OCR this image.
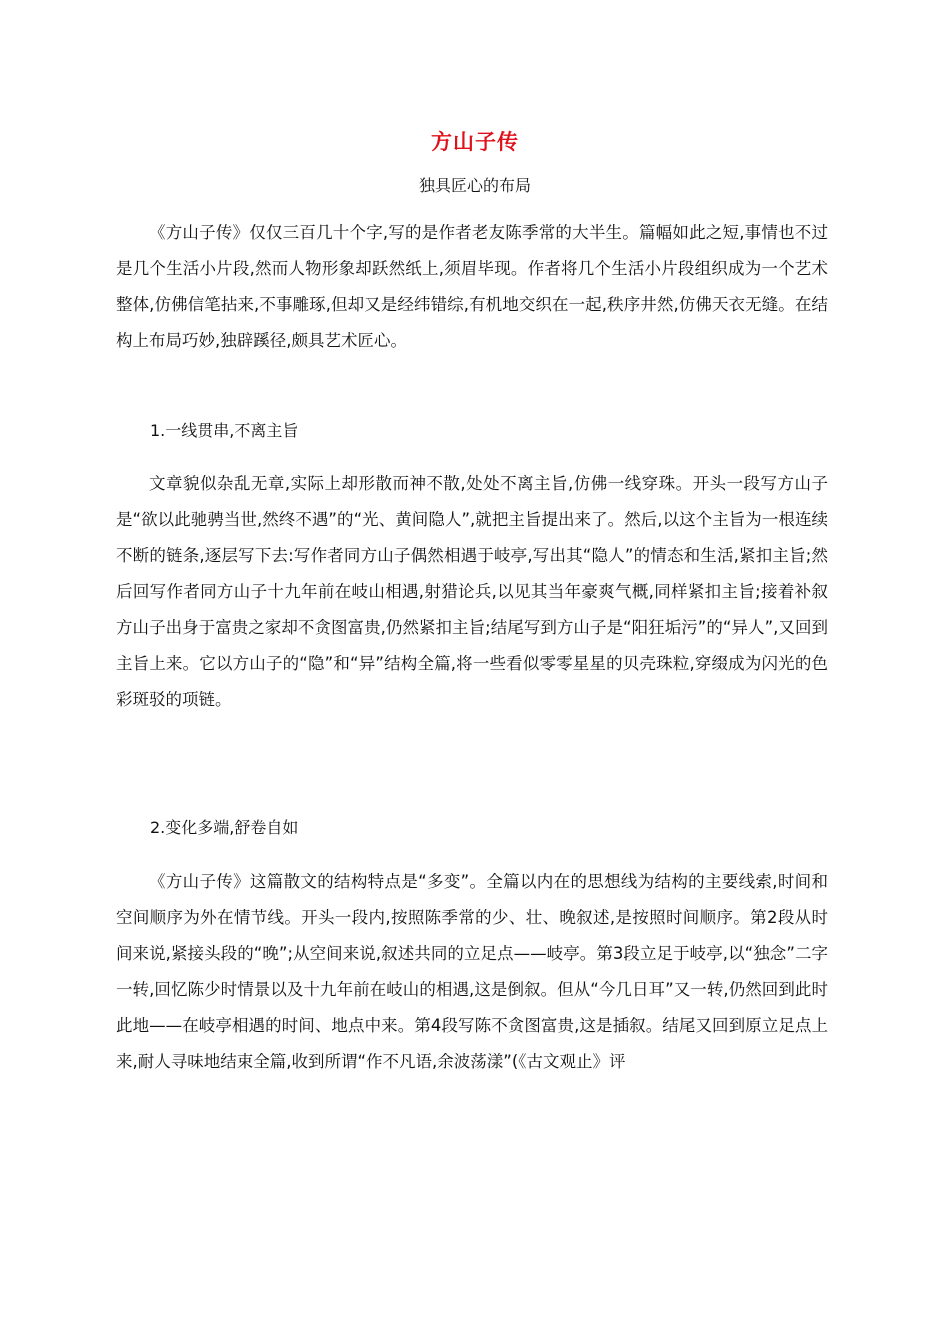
方山子传
独具匠心的布局

《方山子传》仅仅三百几十个字,写的是作者老友陈季常的大半生。篇幅如此之短,事情也不过是几个生活小片段,然而人物形象却跃然纸上,须眉毕现。作者将几个生活小片段组织成为一个艺术整体,仿佛信笔拈来,不事雕琢,但却又是经纬错综,有机地交织在一起,秩序井然,仿佛天衣无缝。在结构上布局巧妙,独辟蹊径,颇具艺术匠心。

1.一线贯串,不离主旨

文章貌似杂乱无章,实际上却形散而神不散,处处不离主旨,仿佛一线穿珠。开头一段写方山子是“欲以此驰骋当世,然终不遇”的“光、黄间隐人”,就把主旨提出来了。然后,以这个主旨为一根连续不断的链条,逐层写下去:写作者同方山子偶然相遇于岐亭,写出其“隐人”的情态和生活,紧扣主旨;然后回写作者同方山子十九年前在岐山相遇,射猎论兵,以见其当年豪爽气概,同样紧扣主旨;接着补叙方山子出身于富贵之家却不贪图富贵,仍然紧扣主旨;结尾写到方山子是“阳狂垢污”的“异人”,又回到主旨上来。它以方山子的“隐”和“异”结构全篇,将一些看似零零星星的贝壳珠粒,穿缀成为闪光的色彩斑驳的项链。

2.变化多端,舒卷自如

《方山子传》这篇散文的结构特点是“多变”。全篇以内在的思想线为结构的主要线索,时间和空间顺序为外在情节线。开头一段内,按照陈季常的少、壮、晚叙述,是按照时间顺序。第2段从时间来说,紧接头段的“晚”;从空间来说,叙述共同的立足点——岐亭。第3段立足于岐亭,以“独念”二字一转,回忆陈少时情景以及十九年前在岐山的相遇,这是倒叙。但从“今几日耳”又一转,仍然回到此时此地——在岐亭相遇的时间、地点中来。第4段写陈不贪图富贵,这是插叙。结尾又回到原立足点上来,耐人寻味地结束全篇,收到所谓“作不凡语,余波荡漾”(《古文观止》评
